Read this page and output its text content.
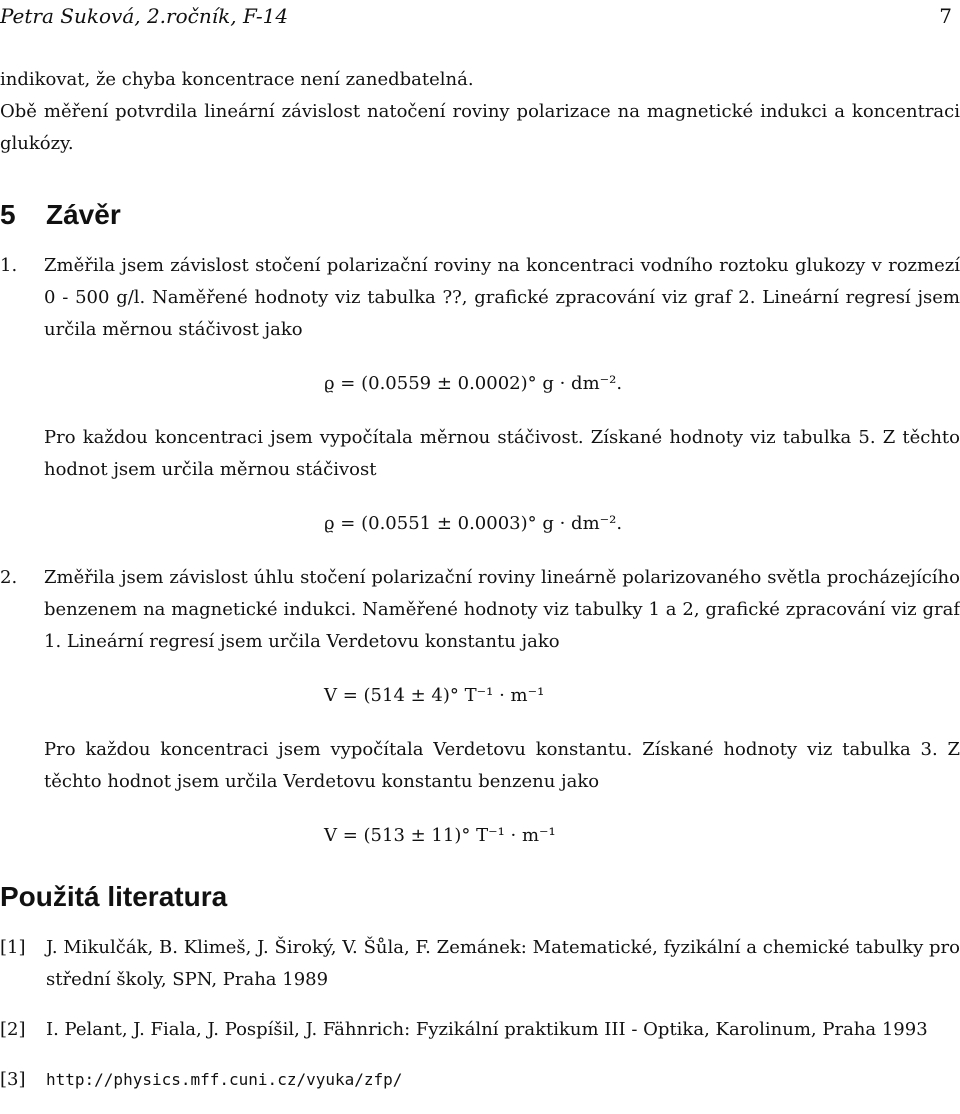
Petra Suková, 2.ročník, F-14	7

indikovat, že chyba koncentrace není zanedbatelná.

Obě měření potvrdila lineární závislost natočení roviny polarizace na magnetické indukci a koncentraci glukózy.

5 Závěr
1.	Změřila jsem závislost stočení polarizační roviny na koncentraci vodního roztoku glukozy v rozmezí 0 - 500 g/l. Naměřené hodnoty viz tabulka ??, grafické zpracování viz graf 2. Lineární regresí jsem určila měrnou stáčivost jako
ϱ = (0.0559 ± 0.0002)° g · dm⁻².
Pro každou koncentraci jsem vypočítala měrnou stáčivost. Získané hodnoty viz tabulka 5. Z těchto hodnot jsem určila měrnou stáčivost
ϱ = (0.0551 ± 0.0003)° g · dm⁻².
2.	Změřila jsem závislost úhlu stočení polarizační roviny lineárně polarizovaného světla procházejícího benzenem na magnetické indukci. Naměřené hodnoty viz tabulky 1 a 2, grafické zpracování viz graf 1. Lineární regresí jsem určila Verdetovu konstantu jako
V = (514 ± 4)° T⁻¹ · m⁻¹
Pro každou koncentraci jsem vypočítala Verdetovu konstantu. Získané hodnoty viz tabulka 3. Z těchto hodnot jsem určila Verdetovu konstantu benzenu jako
V = (513 ± 11)° T⁻¹ · m⁻¹
Použitá literatura
[1]	J. Mikulčák, B. Klimeš, J. Široký, V. Šůla, F. Zemánek: Matematické, fyzikální a chemické tabulky pro střední školy, SPN, Praha 1989
[2]	I. Pelant, J. Fiala, J. Pospíšil, J. Fähnrich: Fyzikální praktikum III - Optika, Karolinum, Praha 1993
[3]	http://physics.mff.cuni.cz/vyuka/zfp/
